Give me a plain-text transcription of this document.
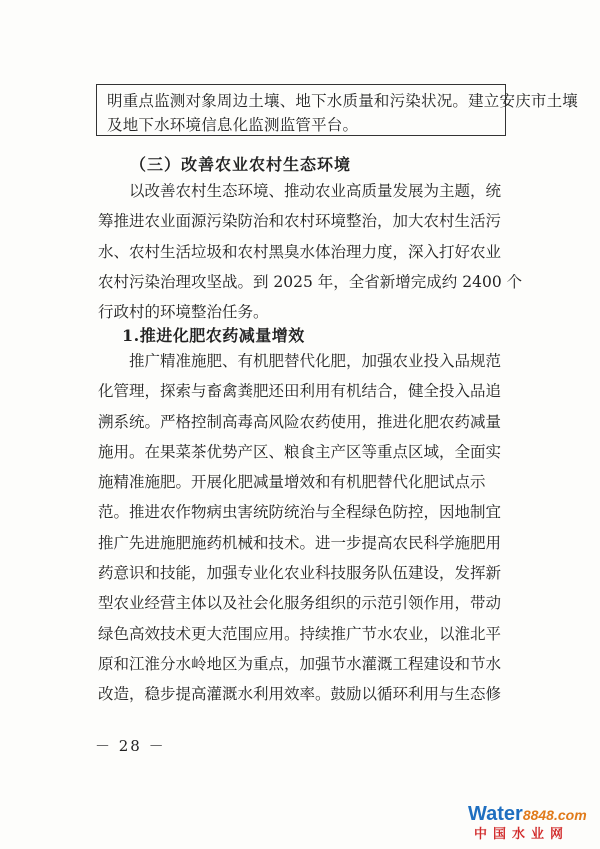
明重点监测对象周边土壤、地下水质量和污染状况。建立安庆市土壤

及地下水环境信息化监测监管平台。

（三）改善农业农村生态环境

　　以改善农村生态环境、推动农业高质量发展为主题，统

筹推进农业面源污染防治和农村环境整治，加大农村生活污

水、农村生活垃圾和农村黑臭水体治理力度，深入打好农业

农村污染治理攻坚战。到 2025 年，全省新增完成约 2400 个

行政村的环境整治任务。

1.推进化肥农药减量增效

　　推广精准施肥、有机肥替代化肥，加强农业投入品规范

化管理，探索与畜禽粪肥还田利用有机结合，健全投入品追

溯系统。严格控制高毒高风险农药使用，推进化肥农药减量

施用。在果菜茶优势产区、粮食主产区等重点区域，全面实

施精准施肥。开展化肥减量增效和有机肥替代化肥试点示

范。推进农作物病虫害统防统治与全程绿色防控，因地制宜

推广先进施肥施药机械和技术。进一步提高农民科学施肥用

药意识和技能，加强专业化农业科技服务队伍建设，发挥新

型农业经营主体以及社会化服务组织的示范引领作用，带动

绿色高效技术更大范围应用。持续推广节水农业，以淮北平

原和江淮分水岭地区为重点，加强节水灌溉工程建设和节水

改造，稳步提高灌溉水利用效率。鼓励以循环利用与生态修

－ 28 －
Water8848.com
中国水业网
